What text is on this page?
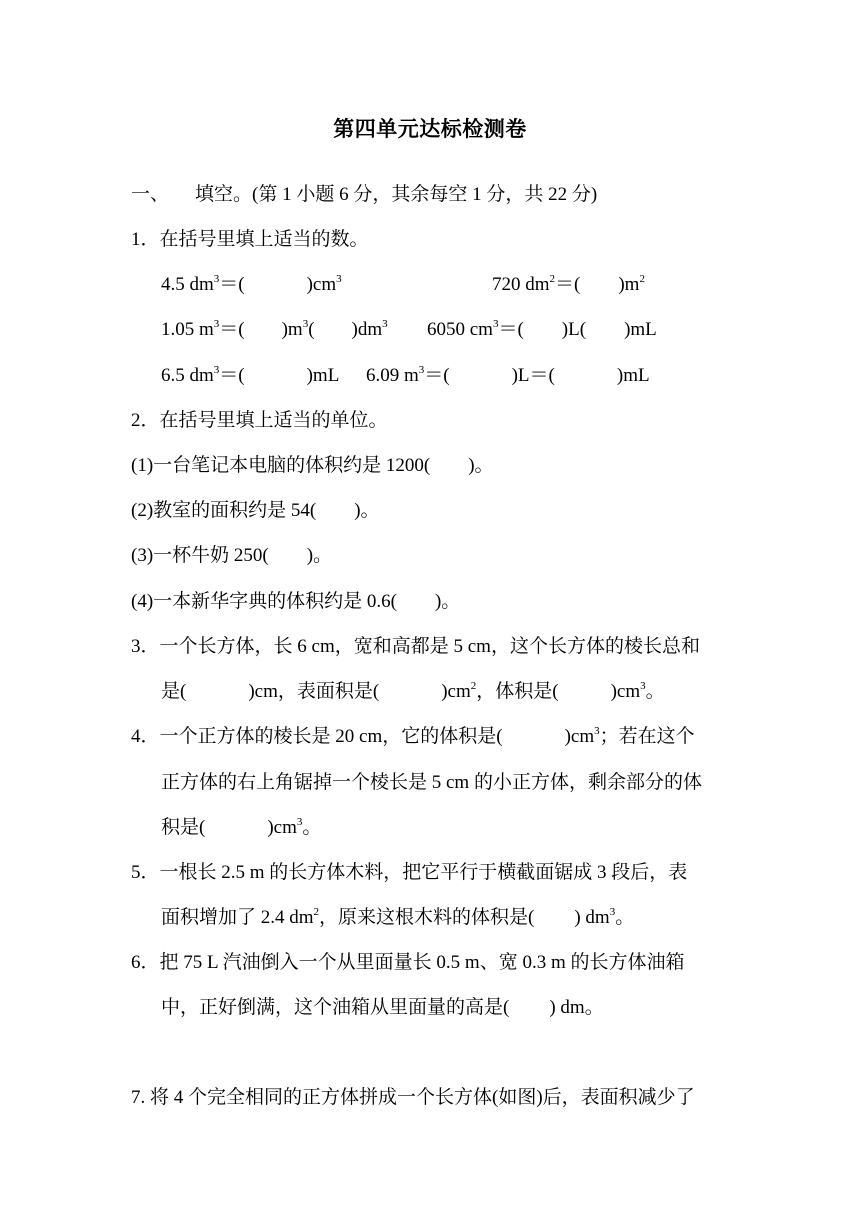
第四单元达标检测卷
一、 填空。(第 1 小题 6 分，其余每空 1 分，共 22 分)
1．在括号里填上适当的数。
4.5 $dm^3=$(	)$cm^3$	720 $dm^2=$( )$m^2$
1.05 $m^3=$( )$m^3$( )$dm^3$ 6050 $cm^3=$( )L( )mL
6.5 $dm^3=$(	)mL 6.09 $m^3=$(	)L＝(	)mL
2．在括号里填上适当的单位。
(1)一台笔记本电脑的体积约是 1200( )。
(2)教室的面积约是 54( )。
(3)一杯牛奶 250( )。
(4)一本新华字典的体积约是 0.6( )。
3．一个长方体，长 6 cm，宽和高都是 5 cm，这个长方体的棱长总和
是(	)cm，表面积是(	)$cm^2$，体积是(	)$cm^3$。
4．一个正方体的棱长是 20 cm，它的体积是(	)$cm^3$；若在这个
正方体的右上角锯掉一个棱长是 5 cm 的小正方体，剩余部分的体
积是(	)$cm^3$。
5．一根长 2.5 m 的长方体木料，把它平行于横截面锯成 3 段后，表
面积增加了 2.4 $dm^2$，原来这根木料的体积是( ) $dm^3$。
6．把 75 L 汽油倒入一个从里面量长 0.5 m、宽 0.3 m 的长方体油箱
中，正好倒满，这个油箱从里面量的高是( ) dm。
7. 将 4 个完全相同的正方体拼成一个长方体(如图)后，表面积减少了
